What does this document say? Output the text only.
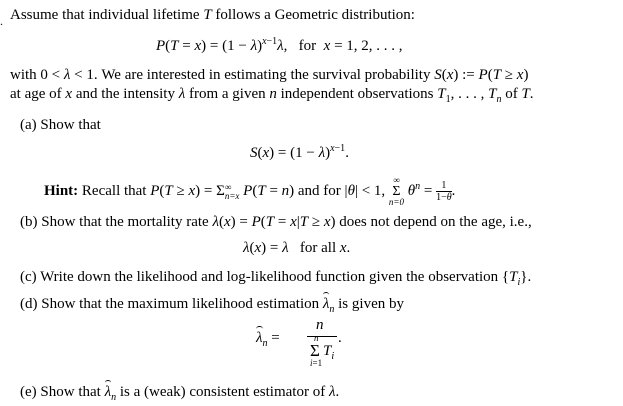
. Assume that individual lifetime T follows a Geometric distribution:
$P(T = x) = (1 - \lambda)^{x-1}\lambda$,   for  x = 1, 2, . . . ,
with 0 < λ < 1. We are interested in estimating the survival probability S(x) := P(T ≥ x)
at age of x and the intensity λ from a given n independent observations $T_1$, . . . , $T_n$ of T.
(a) Show that
$S(x) = (1 - \lambda)^{x-1}$.
Hint: Recall that P(T ≥ x) = Σ ∞
n=x P(T = n) and for |θ| < 1, ∞
Σ
n=0 $\theta^n = \frac{1}{1-\theta}$ .
(b) Show that the mortality rate λ(x) = P(T = x|T ≥ x) does not depend on the age, i.e.,
λ(x) = λ   for all x.
(c) Write down the likelihood and log-likelihood function given the observation $\{T_i\}$.
(d) Show that the maximum likelihood estimation $\lambda_n$ is given by
$\lambda_n$ =
n
.
n
Σ $T_i$
i=1
(e) Show that $\lambda_n$ is a (weak) consistent estimator of λ.
